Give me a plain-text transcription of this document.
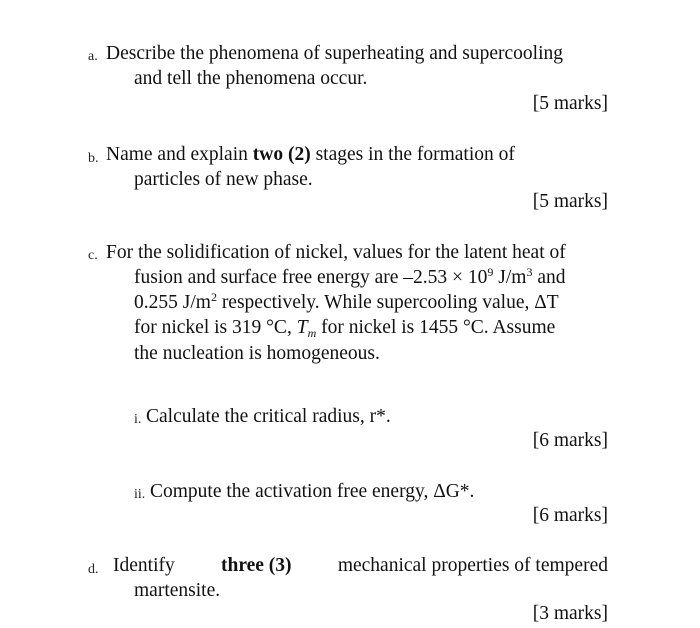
a. Describe the phenomena of superheating and supercooling
and tell the phenomena occur.
[5 marks]
b. Name and explain two (2) stages in the formation of
particles of new phase.
[5 marks]
c. For the solidification of nickel, values for the latent heat of
fusion and surface free energy are $-2.53 \times 10^9$ $J/m^3$ and
0.255 $J/m^2$ respectively. While supercooling value, ΔT
for nickel is 319 °C, $T_m$ for nickel is 1455 °C. Assume
the nucleation is homogeneous.
i. Calculate the critical radius, r*.
[6 marks]
ii. Compute the activation free energy, ΔG*.
[6 marks]
d. Identify three (3) mechanical properties of tempered
martensite.
[3 marks]
